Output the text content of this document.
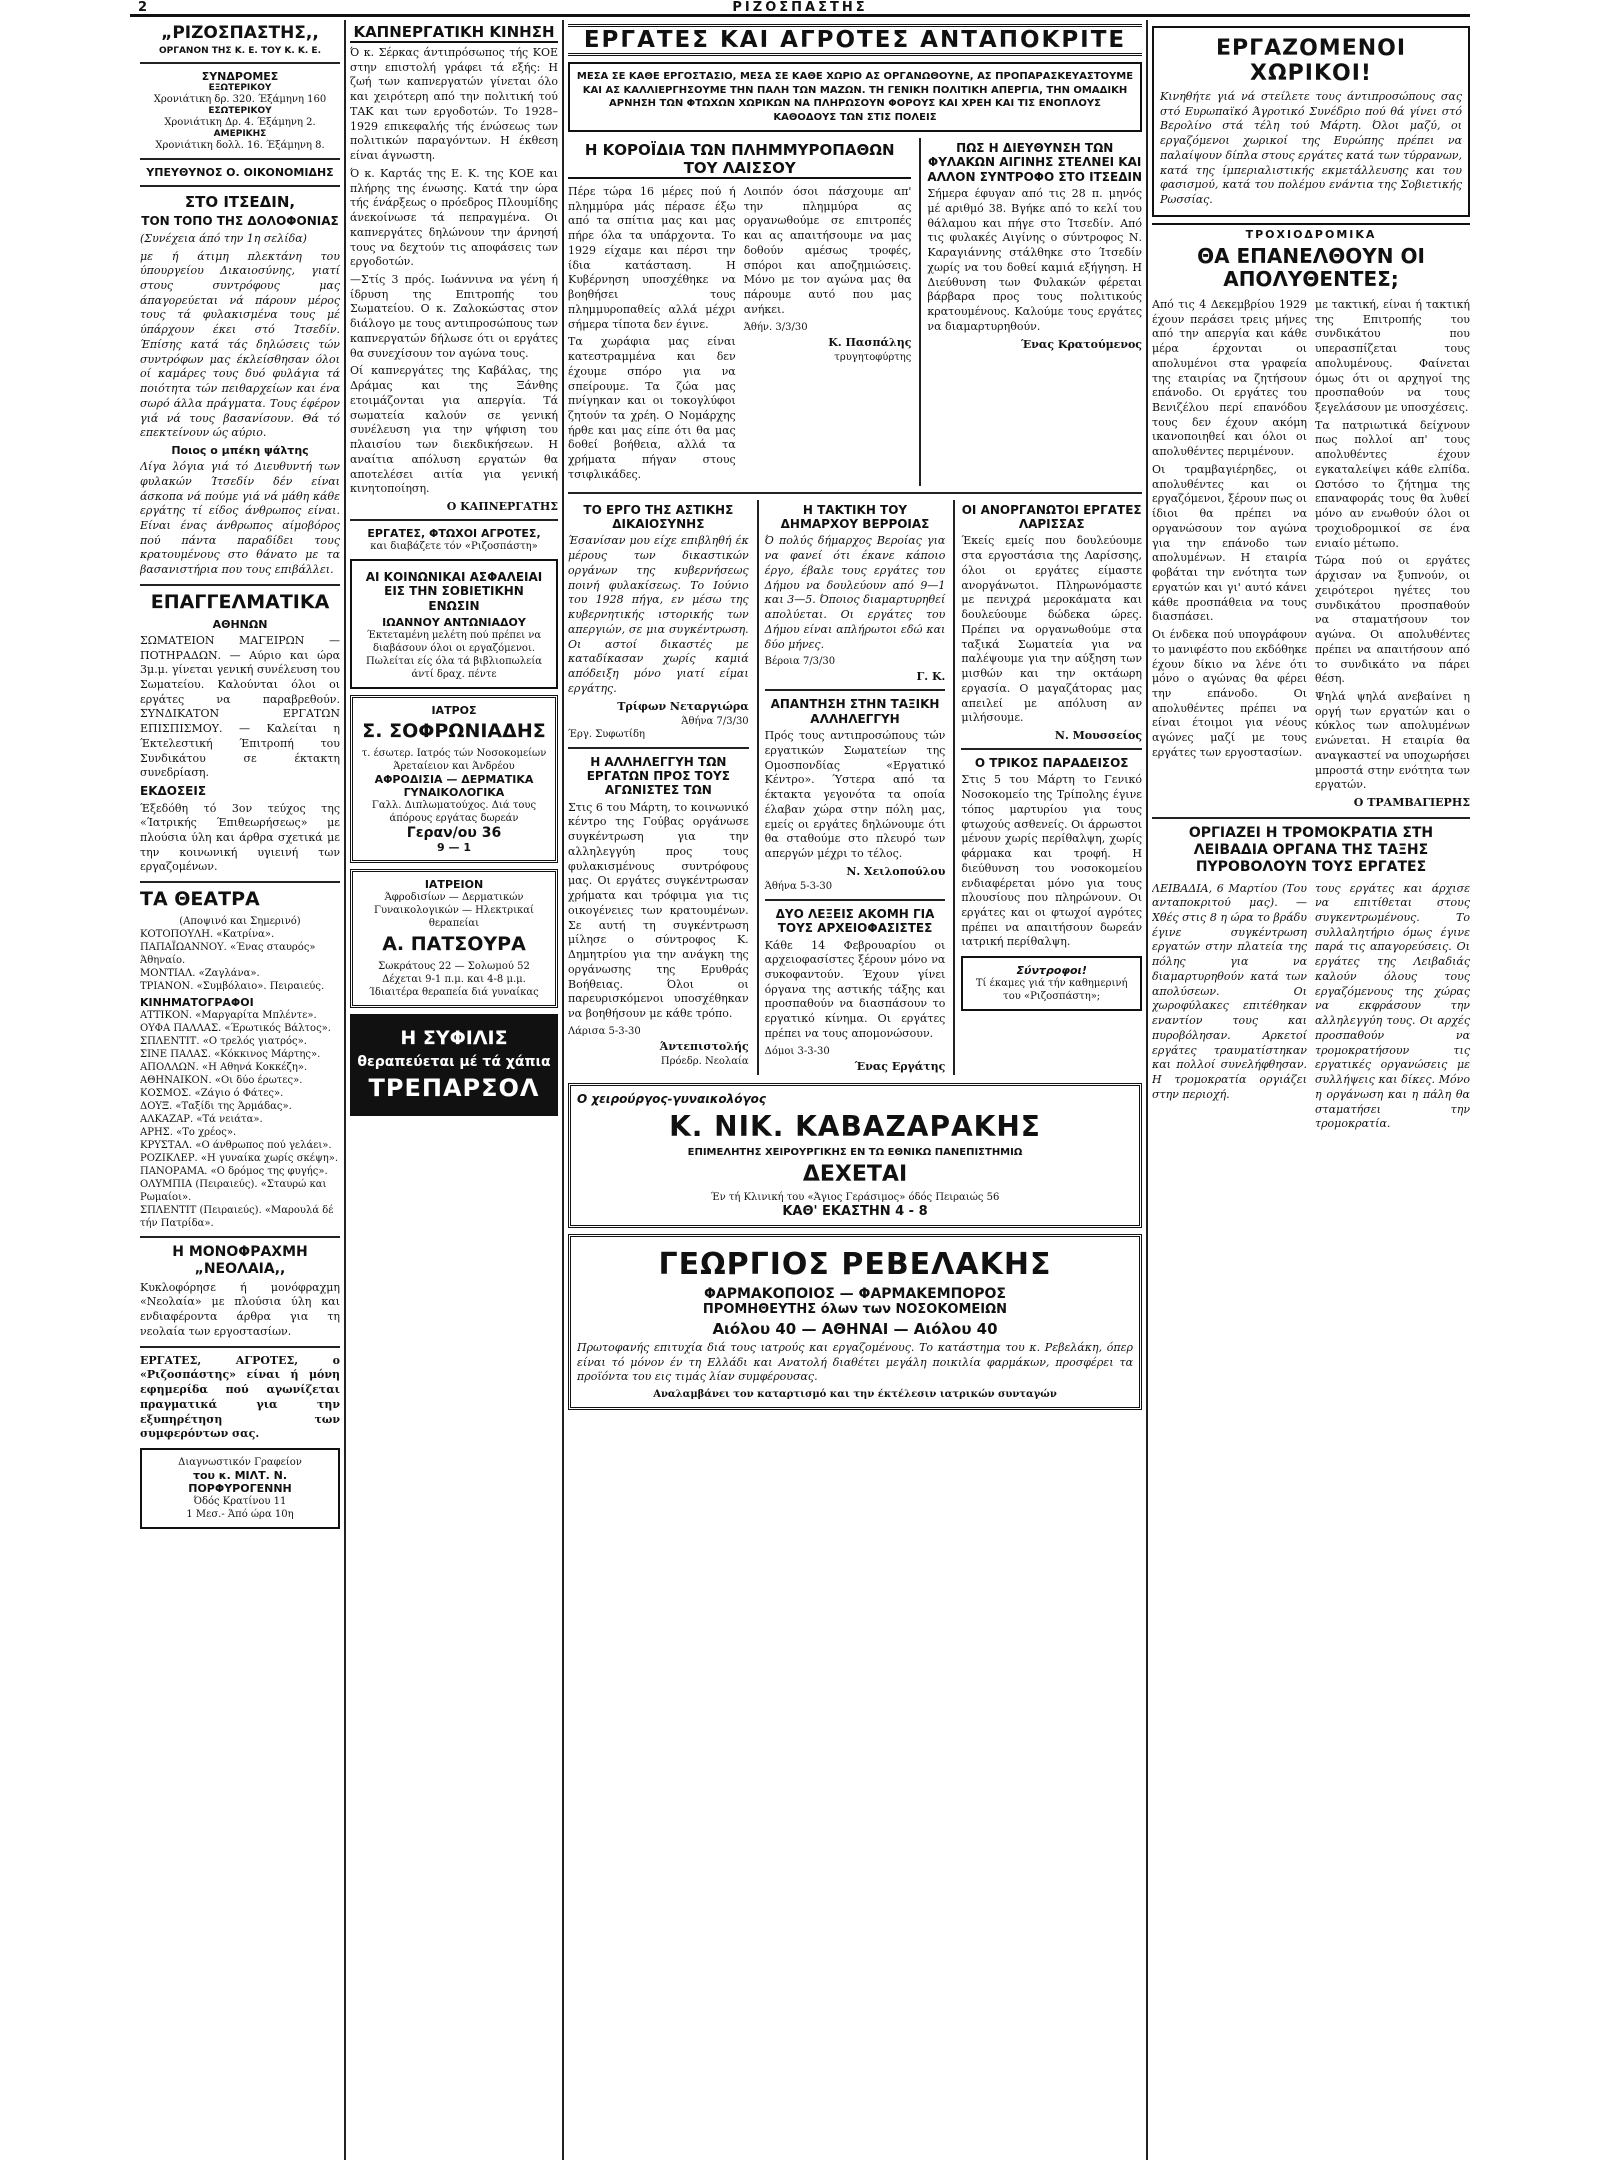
2	ΡΙΖΟΣΠΑΣΤΗΣ
„ΡΙΖΟΣΠΑΣΤΗΣ,,
ΟΡΓΑΝΟΝ ΤΗΣ Κ. Ε. ΤΟΥ Κ. Κ. Ε.
ΣΥΝΔΡΟΜΕΣ
ΕΞΩΤΕΡΙΚΟΥ
Χρονιάτικη δρ. 320. Έξάμηνη 160
ΕΣΩΤΕΡΙΚΟΥ
Χρονιάτικη Δρ. 4. Έξάμηνη 2.
ΑΜΕΡΙΚΗΣ
Χρονιάτικη δολλ. 16. Έξάμηνη 8.
ΥΠΕΥΘΥΝΟΣ Ο. ΟΙΚΟΝΟΜΙΔΗΣ
ΣΤΟ ΙΤΣΕΔΙΝ,
ΤΟΝ ΤΟΠΟ ΤΗΣ ΔΟΛΟΦΟΝΙΑΣ
(Συνέχεια άπό την 1η σελίδα)
με ή άτιμη πλεκτάνη του ύπουργείου Δικαιοσύνης, γιατί στους συντρόφους μας άπαγορεύεται νά πάρουν μέρος τους τά φυλακισμένα τους μέ ύπάρχουν έκει στό Ίτσεδίν. Έπίσης κατά τάς δηλώσεις τών συντρόφων μας έκλείσθησαν όλοι οί καμάρες τους δυό φυλάγια τά ποιότητα τών πειθαρχείων και ένα σωρό άλλα πράγματα. Τους έφέρον γιά νά τους βασανίσουν. Θά τό επεκτείνουν ώς αύριο.
Ποιος ο μπέκη ψάλτης
Λίγα λόγια γιά τό Διευθυντή των φυλακών Ίτσεδίν δέν είναι άσκοπα νά πούμε γιά νά μάθη κάθε εργάτης τί είδος άνθρωπος είναι. Είναι ένας άνθρωπος αίμοβόρος πού πάντα παραδίδει τους κρατουμένους στο θάνατο με τα βασανιστήρια που τους επιβάλλει.
ΕΠΑΓΓΕΛΜΑΤΙΚΑ
ΑΘΗΝΩΝ
ΣΩΜΑΤΕΙΟΝ ΜΑΓΕΙΡΩΝ — ΠΟΤΗΡΑΔΩΝ. — Αύριο και ώρα 3μ.μ. γίνεται γενική συνέλευση του Σωματείου. Καλούνται όλοι οι εργάτες να παραβρεθούν. ΣΥΝΔΙΚΑΤΟΝ ΕΡΓΑΤΩΝ ΕΠΙΣΠΙΣΜΟΥ. — Καλείται η Έκτελεστική Έπιτροπή του Συνδικάτου σε έκτακτη συνεδρίαση.
ΕΚΔΟΣΕΙΣ
Έξεδόθη τό 3ον τεύχος της «Ίατρικής Έπιθεωρήσεως» με πλούσια ύλη και άρθρα σχετικά με την κοινωνική υγιεινή των εργαζομένων.
ΤΑ ΘΕΑΤΡΑ
(Αποψινό και Σημερινό)
ΚΟΤΟΠΟΥΛΗ. «Κατρίνα».
ΠΑΠΑΪΩΑΝΝΟΥ. «Ένας σταυρός» Άθηναίο.
ΜΟΝΤΙΑΛ. «Ζαγλάνα».
ΤΡΙΑΝΟΝ. «Συμβόλαιο». Πειραιεύς.
ΚΙΝΗΜΑΤΟΓΡΑΦΟΙ
ΑΤΤΙΚΟΝ. «Μαργαρίτα Μπλέντε».
ΟΥΦΑ ΠΑΛΛΑΣ. «Έρωτικός Βάλτος».
ΣΠΛΕΝΤΙΤ. «Ο τρελός γιατρός».
ΣΙΝΕ ΠΑΛΑΣ. «Κόκκινος Μάρτης».
ΑΠΟΛΛΩΝ. «Η Αθηνά Κοκκέζη».
ΑΘΗΝΑΙΚΟΝ. «Οι δύο έρωτες».
ΚΟΣΜΟΣ. «Ζάγιο ό Φάτες».
ΔΟΥΞ. «Ταξίδι της Άρμάδας».
ΑΛΚΑΖΑΡ. «Τά νειάτα».
ΑΡΗΣ. «Το χρέος».
ΚΡΥΣΤΑΛ. «Ο άνθρωπος πού γελάει».
ΡΟΖΙΚΛΕΡ. «Η γυναίκα χωρίς σκέψη».
ΠΑΝΟΡΑΜΑ. «Ο δρόμος της φυγής».
ΟΛΥΜΠΙΑ (Πειραιεύς). «Σταυρώ και Ρωμαίοι».
ΣΠΛΕΝΤΙΤ (Πειραιεύς). «Μαρουλά δέ τήν Πατρίδα».
Η ΜΟΝΟΦΡΑΧΜΗ „ΝΕΟΛΑΙΑ,,
Κυκλοφόρησε ή μονόφραχμη «Νεολαία» με πλούσια ύλη και ενδιαφέροντα άρθρα για τη νεολαία των εργοστασίων.
ΕΡΓΑΤΕΣ, ΑΓΡΟΤΕΣ, ο «Ριζοσπάστης» είναι ή μόνη εφημερίδα πού αγωνίζεται πραγματικά για την εξυπηρέτηση των συμφερόντων σας.
Διαγνωστικόν Γραφείον
του κ. ΜΙΛΤ. Ν. ΠΟΡΦΥΡΟΓΕΝΝΗ
Όδός Κρατίνου 11
1 Μεσ.- Άπό ώρα 10η
ΚΑΠΝΕΡΓΑΤΙΚΗ ΚΙΝΗΣΗ
Ό κ. Σέρκας άντιπρόσωπος τής ΚΟΕ στην επιστολή γράφει τά εξής: Η ζωή των καπνεργατών γίνεται όλο και χειρότερη από την πολιτική τού ΤΑΚ και των εργοδοτών. Το 1928–1929 επικεφαλής τής ένώσεως των πολιτικών παραγόντων. Η έκθεση είναι άγνωστη.
Ό κ. Καρτάς της Ε. Κ. της ΚΟΕ και πλήρης της ένωσης. Κατά την ώρα τής ένάρξεως ο πρόεδρος Πλουμίδης άνεκοίνωσε τά πεπραγμένα. Οι καπνεργάτες δηλώνουν την άρνησή τους να δεχτούν τις αποφάσεις των εργοδοτών.
—Στίς 3 πρός. Ιωάννινα να γένη ή ίδρυση της Επιτροπής του Σωματείου. Ο κ. Ζαλοκώστας στον διάλογο με τους αντιπροσώπους των καπνεργατών δήλωσε ότι οι εργάτες θα συνεχίσουν τον αγώνα τους.
Οί καπνεργάτες της Καβάλας, της Δράμας και της Ξάνθης ετοιμάζονται για απεργία. Τά σωματεία καλούν σε γενική συνέλευση για την ψήφιση του πλαισίου των διεκδικήσεων. Η αναίτια απόλυση εργατών θα αποτελέσει αιτία για γενική κινητοποίηση.
Ο ΚΑΠΝΕΡΓΑΤΗΣ
ΕΡΓΑΤΕΣ, ΦΤΩΧΟΙ ΑΓΡΟΤΕΣ,
και διαβάζετε τόν «Ριζοσπάστη»
ΑΙ ΚΟΙΝΩΝΙΚΑΙ ΑΣΦΑΛΕΙΑΙ ΕΙΣ ΤΗΝ ΣΟΒΙΕΤΙΚΗΝ ΕΝΩΣΙΝ
ΙΩΑΝΝΟΥ ΑΝΤΩΝΙΑΔΟΥ
Έκτεταμένη μελέτη πού πρέπει να διαβάσουν όλοι οι εργαζόμενοι. Πωλείται είς όλα τά βιβλιοπωλεία άντί δραχ. πέντε
ΙΑΤΡΟΣ
Σ. ΣΟΦΡΩΝΙΑΔΗΣ
τ. έσωτερ. Ιατρός τών Νοσοκομείων Άρεταίειον και Άνδρέου
ΑΦΡΟΔΙΣΙΑ — ΔΕΡΜΑΤΙΚΑ ΓΥΝΑΙΚΟΛΟΓΙΚΑ
Γαλλ. Διπλωματούχος. Διά τους άπόρους εργάτας δωρεάν
Γεραν/ου 36
9 — 1
ΙΑΤΡΕΙΟΝ
Άφροδισίων — Δερματικών Γυναικολογικών — Ηλεκτρικαί θεραπείαι
Α. ΠΑΤΣΟΥΡΑ
Σωκράτους 22 — Σολωμού 52
Δέχεται 9-1 π.μ. και 4-8 μ.μ.
Ίδιαιτέρα θεραπεία διά γυναίκας
Η ΣΥΦΙΛΙΣ
θεραπεύεται μέ τά χάπια
ΤΡΕΠΑΡΣΟΛ
ΕΡΓΑΤΕΣ ΚΑΙ ΑΓΡΟΤΕΣ ΑΝΤΑΠΟΚΡΙΤΕ
ΜΕΣΑ ΣΕ ΚΑΘΕ ΕΡΓΟΣΤΑΣΙΟ, ΜΕΣΑ ΣΕ ΚΑΘΕ ΧΩΡΙΟ ΑΣ ΟΡΓΑΝΩΘΟΥΝΕ, ΑΣ ΠΡΟΠΑΡΑΣΚΕΥΑΣΤΟΥΜΕ ΚΑΙ ΑΣ ΚΑΛΛΙΕΡΓΗΣΟΥΜΕ ΤΗΝ ΠΑΛΗ ΤΩΝ ΜΑΖΩΝ. ΤΗ ΓΕΝΙΚΗ ΠΟΛΙΤΙΚΗ ΑΠΕΡΓΙΑ, ΤΗΝ ΟΜΑΔΙΚΗ ΑΡΝΗΣΗ ΤΩΝ ΦΤΩΧΩΝ ΧΩΡΙΚΩΝ ΝΑ ΠΛΗΡΩΣΟΥΝ ΦΟΡΟΥΣ ΚΑΙ ΧΡΕΗ ΚΑΙ ΤΙΣ ΕΝΟΠΛΟΥΣ ΚΑΘΟΔΟΥΣ ΤΩΝ ΣΤΙΣ ΠΟΛΕΙΣ
Η ΚΟΡΟΪΔΙΑ ΤΩΝ ΠΛΗΜΜΥΡΟΠΑΘΩΝ ΤΟΥ ΛΑΙΣΣΟΥ
Πέρε τώρα 16 μέρες πού ή πλημμύρα μάς πέρασε έξω από τα σπίτια μας και μας πήρε όλα τα υπάρχοντα. Το 1929 είχαμε και πέρσι την ίδια κατάσταση. Η Κυβέρνηση υποσχέθηκε να βοηθήσει τους πλημμυροπαθείς αλλά μέχρι σήμερα τίποτα δεν έγινε.
Τα χωράφια μας είναι κατεστραμμένα και δεν έχουμε σπόρο για να σπείρουμε. Τα ζώα μας πνίγηκαν και οι τοκογλύφοι ζητούν τα χρέη. Ο Νομάρχης ήρθε και μας είπε ότι θα μας δοθεί βοήθεια, αλλά τα χρήματα πήγαν στους τσιφλικάδες.
Λοιπόν όσοι πάσχουμε απ' την πλημμύρα ας οργανωθούμε σε επιτροπές και ας απαιτήσουμε να μας δοθούν αμέσως τροφές, σπόροι και αποζημιώσεις. Μόνο με τον αγώνα μας θα πάρουμε αυτό που μας ανήκει.
Άθήν. 3/3/30
Κ. Πασπάλης
τρυγητοφύρτης
ΠΩΣ Η ΔΙΕΥΘΥΝΣΗ ΤΩΝ ΦΥΛΑΚΩΝ ΑΙΓΙΝΗΣ ΣΤΕΛΝΕΙ ΚΑΙ ΑΛΛΟΝ ΣΥΝΤΡΟΦΟ ΣΤΟ ΙΤΣΕΔΙΝ
Σήμερα έφυγαν από τις 28 π. μηνός μέ αριθμό 38. Βγήκε από το κελί του θάλαμου και πήγε στο Ίτσεδίν. Από τις φυλακές Αιγίνης ο σύντροφος Ν. Καραγιάννης στάλθηκε στο Ίτσεδίν χωρίς να του δοθεί καμιά εξήγηση. Η Διεύθυνση των Φυλακών φέρεται βάρβαρα προς τους πολιτικούς κρατουμένους. Καλούμε τους εργάτες να διαμαρτυρηθούν.
Ένας Κρατούμενος
ΤΟ ΕΡΓΟ ΤΗΣ ΑΣΤΙΚΗΣ ΔΙΚΑΙΟΣΥΝΗΣ
Έσανίσαν μου είχε επιβληθή έκ μέρους των δικαστικών οργάνων της κυβερνήσεως ποινή φυλακίσεως. Το Ιούνιο του 1928 πήγα, εν μέσω της κυβερνητικής ιστορικής των απεργιών, σε μια συγκέντρωση. Οι αστοί δικαστές με καταδίκασαν χωρίς καμιά απόδειξη μόνο γιατί είμαι εργάτης.
Τρίφων Νεταργιώρα
Άθήνα 7/3/30
Έργ. Συφωτίδη
Η ΑΛΛΗΛΕΓΓΥΗ ΤΩΝ ΕΡΓΑΤΩΝ ΠΡΟΣ ΤΟΥΣ ΑΓΩΝΙΣΤΕΣ ΤΩΝ
Στις 6 του Μάρτη, το κοινωνικό κέντρο της Γούβας οργάνωσε συγκέντρωση για την αλληλεγγύη προς τους φυλακισμένους συντρόφους μας. Οι εργάτες συγκέντρωσαν χρήματα και τρόφιμα για τις οικογένειες των κρατουμένων. Σε αυτή τη συγκέντρωση μίλησε ο σύντροφος Κ. Δημητρίου για την ανάγκη της οργάνωσης της Ερυθράς Βοήθειας. Όλοι οι παρευρισκόμενοι υποσχέθηκαν να βοηθήσουν με κάθε τρόπο.
Λάρισα 5-3-30
Άντεπιστολής
Πρόεδρ. Νεολαία
Η ΤΑΚΤΙΚΗ ΤΟΥ ΔΗΜΑΡΧΟΥ ΒΕΡΡΟΙΑΣ
Ό πολύς δήμαρχος Βεροίας για να φανεί ότι έκανε κάποιο έργο, έβαλε τους εργάτες του Δήμου να δουλεύουν από 9—1 και 3—5. Όποιος διαμαρτυρηθεί απολύεται. Οι εργάτες του Δήμου είναι απλήρωτοι εδώ και δύο μήνες.
Βέροια 7/3/30
Γ. Κ.
ΑΠΑΝΤΗΣΗ ΣΤΗΝ ΤΑΞΙΚΗ ΑΛΛΗΛΕΓΓΥΗ
Πρός τους αντιπροσώπους τών εργατικών Σωματείων της Ομοσπονδίας «Εργατικό Κέντρο». Ύστερα από τα έκτακτα γεγονότα τα οποία έλαβαν χώρα στην πόλη μας, εμείς οι εργάτες δηλώνουμε ότι θα σταθούμε στο πλευρό των απεργών μέχρι το τέλος.
Ν. Χειλοπούλου
Άθήνα 5-3-30
ΔΥΟ ΛΕΞΕΙΣ ΑΚΟΜΗ ΓΙΑ ΤΟΥΣ ΑΡΧΕΙΟΦΑΣΙΣΤΕΣ
Κάθε 14 Φεβρουαρίου οι αρχειοφασίστες ξέρουν μόνο να συκοφαντούν. Έχουν γίνει όργανα της αστικής τάξης και προσπαθούν να διασπάσουν το εργατικό κίνημα. Οι εργάτες πρέπει να τους απομονώσουν.
Δόμοι 3-3-30
Ένας Εργάτης
ΟΙ ΑΝΟΡΓΑΝΩΤΟΙ ΕΡΓΑΤΕΣ ΛΑΡΙΣΣΑΣ
Έκείς εμείς που δουλεύουμε στα εργοστάσια της Λαρίσσης, όλοι οι εργάτες είμαστε ανοργάνωτοι. Πληρωνόμαστε με πενιχρά μεροκάματα και δουλεύουμε δώδεκα ώρες. Πρέπει να οργανωθούμε στα ταξικά Σωματεία για να παλέψουμε για την αύξηση των μισθών και την οκτάωρη εργασία. Ο μαγαζάτορας μας απειλεί με απόλυση αν μιλήσουμε.
Ν. Μουσσείος
Ο ΤΡΙΚΟΣ ΠΑΡΑΔΕΙΣΟΣ
Στις 5 του Μάρτη το Γενικό Νοσοκομείο της Τρίπολης έγινε τόπος μαρτυρίου για τους φτωχούς ασθενείς. Οι άρρωστοι μένουν χωρίς περίθαλψη, χωρίς φάρμακα και τροφή. Η διεύθυνση του νοσοκομείου ενδιαφέρεται μόνο για τους πλουσίους που πληρώνουν. Οι εργάτες και οι φτωχοί αγρότες πρέπει να απαιτήσουν δωρεάν ιατρική περίθαλψη.
Σύντροφοι!
Τί έκαμες γιά τήν καθημερινή του «Ριζοσπάστη»;
Ο χειρούργος-γυναικολόγος
Κ. ΝΙΚ. ΚΑΒΑΖΑΡΑΚΗΣ
ΕΠΙΜΕΛΗΤΗΣ ΧΕΙΡΟΥΡΓΙΚΗΣ ΕΝ ΤΩ ΕΘΝΙΚΩ ΠΑΝΕΠΙΣΤΗΜΙΩ
ΔΕΧΕΤΑΙ
Έν τή Κλινική του «Άγιος Γεράσιμος» όδός Πειραιώς 56
ΚΑΘ' ΕΚΑΣΤΗΝ 4 - 8
ΓΕΩΡΓΙΟΣ ΡΕΒΕΛΑΚΗΣ
ΦΑΡΜΑΚΟΠΟΙΟΣ — ΦΑΡΜΑΚΕΜΠΟΡΟΣ
ΠΡΟΜΗΘΕΥΤΗΣ όλων των ΝΟΣΟΚΟΜΕΙΩΝ
Αιόλου 40 — ΑΘΗΝΑΙ — Αιόλου 40
Πρωτοφανής επιτυχία διά τους ιατρούς και εργαζομένους. Το κατάστημα του κ. Ρεβελάκη, όπερ είναι τό μόνον έν τη Ελλάδι και Ανατολή διαθέτει μεγάλη ποικιλία φαρμάκων, προσφέρει τα προϊόντα του εις τιμάς λίαν συμφέρουσας.
Αναλαμβάνει τον καταρτισμό και την έκτέλεσιν ιατρικών συνταγών
ΕΡΓΑΖΟΜΕΝΟΙ ΧΩΡΙΚΟΙ!
Κινηθήτε γιά νά στείλετε τους άντιπροσώπους σας στό Ευρωπαϊκό Άγροτικό Συνέδριο πού θά γίνει στό Βερολίνο στά τέλη τού Μάρτη. Όλοι μαζύ, οι εργαζόμενοι χωρικοί της Ευρώπης πρέπει να παλαίψουν δίπλα στους εργάτες κατά των τύρρανων, κατά της ίμπεριαλιστικής εκμετάλλευσης και του φασισμού, κατά του πολέμου ενάντια της Σοβιετικής Ρωσσίας.
ΤΡΟΧΙΟΔΡΟΜΙΚΑ
ΘΑ ΕΠΑΝΕΛΘΟΥΝ ΟΙ ΑΠΟΛΥΘΕΝΤΕΣ;
Από τις 4 Δεκεμβρίου 1929 έχουν περάσει τρεις μήνες από την απεργία και κάθε μέρα έρχονται οι απολυμένοι στα γραφεία της εταιρίας να ζητήσουν επάνοδο. Οι εργάτες του Βενιζέλου περί επανόδου τους δεν έχουν ακόμη ικανοποιηθεί και όλοι οι απολυθέντες περιμένουν.
Οι τραμβαγιέρηδες, οι απολυθέντες και οι εργαζόμενοι, ξέρουν πως οι ίδιοι θα πρέπει να οργανώσουν τον αγώνα για την επάνοδο των απολυμένων. Η εταιρία φοβάται την ενότητα των εργατών και γι' αυτό κάνει κάθε προσπάθεια να τους διασπάσει.
Οι ένδεκα πού υπογράφουν το μανιφέστο που εκδόθηκε έχουν δίκιο να λένε ότι μόνο ο αγώνας θα φέρει την επάνοδο. Οι απολυθέντες πρέπει να είναι έτοιμοι για νέους αγώνες μαζί με τους εργάτες των εργοστασίων.
με τακτική, είναι ή τακτική της Επιτροπής του συνδικάτου που υπερασπίζεται τους απολυμένους. Φαίνεται όμως ότι οι αρχηγοί της προσπαθούν να τους ξεγελάσουν με υποσχέσεις.
Τα πατριωτικά δείχνουν πως πολλοί απ' τους απολυθέντες έχουν εγκαταλείψει κάθε ελπίδα. Ωστόσο το ζήτημα της επαναφοράς τους θα λυθεί μόνο αν ενωθούν όλοι οι τροχιοδρομικοί σε ένα ενιαίο μέτωπο.
Τώρα πού οι εργάτες άρχισαν να ξυπνούν, οι χειρότεροι ηγέτες του συνδικάτου προσπαθούν να σταματήσουν τον αγώνα. Οι απολυθέντες πρέπει να απαιτήσουν από το συνδικάτο να πάρει θέση.
Ψηλά ψηλά ανεβαίνει η οργή των εργατών και ο κύκλος των απολυμένων ενώνεται. Η εταιρία θα αναγκαστεί να υποχωρήσει μπροστά στην ενότητα των εργατών.
Ο ΤΡΑΜΒΑΓΙΕΡΗΣ
ΟΡΓΙΑΖΕΙ Η ΤΡΟΜΟΚΡΑΤΙΑ ΣΤΗ ΛΕΙΒΑΔΙΑ ΟΡΓΑΝΑ ΤΗΣ ΤΑΞΗΣ ΠΥΡΟΒΟΛΟΥΝ ΤΟΥΣ ΕΡΓΑΤΕΣ
ΛΕΙΒΑΔΙΑ, 6 Μαρτίου (Του ανταποκριτού μας). — Χθές στις 8 η ώρα το βράδυ έγινε συγκέντρωση εργατών στην πλατεία της πόλης για να διαμαρτυρηθούν κατά των απολύσεων. Οι χωροφύλακες επιτέθηκαν εναντίον τους και πυροβόλησαν. Αρκετοί εργάτες τραυματίστηκαν και πολλοί συνελήφθησαν. Η τρομοκρατία οργιάζει στην περιοχή.
τους εργάτες και άρχισε να επιτίθεται στους συγκεντρωμένους. Το συλλαλητήριο όμως έγινε παρά τις απαγορεύσεις. Οι εργάτες της Λειβαδιάς καλούν όλους τους εργαζόμενους της χώρας να εκφράσουν την αλληλεγγύη τους. Οι αρχές προσπαθούν να τρομοκρατήσουν τις εργατικές οργανώσεις με συλλήψεις και δίκες. Μόνο η οργάνωση και η πάλη θα σταματήσει την τρομοκρατία.
